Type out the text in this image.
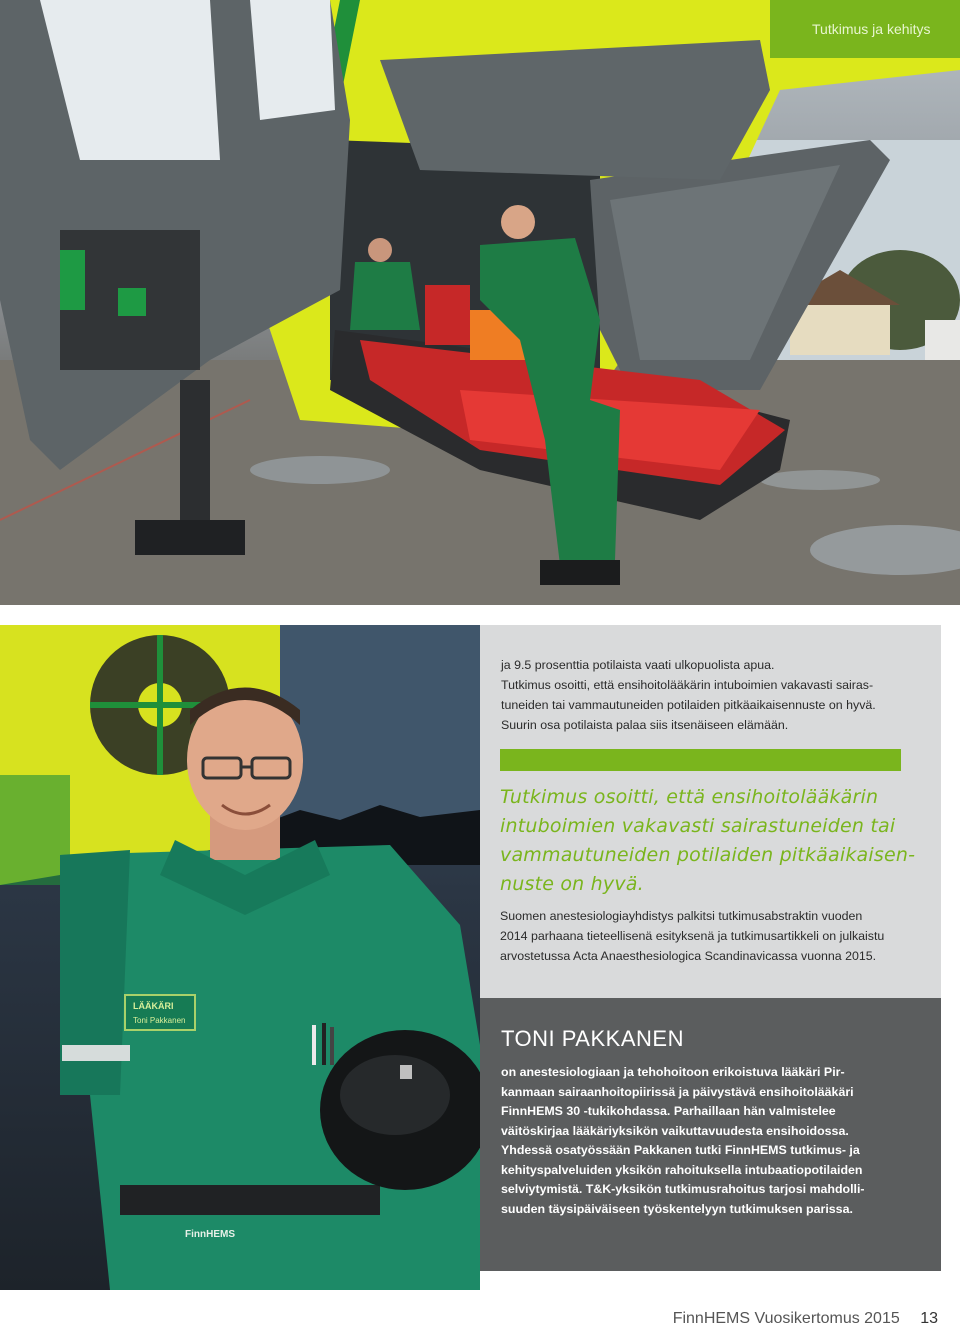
Tutkimus ja kehitys
LÄÄKÄRI
Toni Pakkanen
FinnHEMS

ja 9.5 prosenttia potilaista vaati ulkopuolista apua.

Tutkimus osoitti, että ensihoitolääkärin intuboimien vakavasti sairas-

tuneiden tai vammautuneiden potilaiden pitkäaikaisennuste on hyvä.

Suurin osa potilaista palaa siis itsenäiseen elämään.

Tutkimus osoitti, että ensihoitolääkärin

intuboimien vakavasti sairastuneiden tai

vammautuneiden potilaiden pitkäaikaisen-

nuste on hyvä.

Suomen anestesiologiayhdistys palkitsi tutkimusabstraktin vuoden

2014 parhaana tieteellisenä esityksenä ja tutkimusartikkeli on julkaistu

arvostetussa Acta Anaesthesiologica Scandinavicassa vuonna 2015.

TONI PAKKANEN

on anestesiologiaan ja tehohoitoon erikoistuva lääkäri Pir-

kanmaan sairaanhoitopiirissä ja päivystävä ensihoitolääkäri

FinnHEMS 30 -tukikohdassa. Parhaillaan hän valmistelee

väitöskirjaa lääkäriyksikön vaikuttavuudesta ensihoidossa.

Yhdessä osatyössään Pakkanen tutki FinnHEMS tutkimus- ja

kehityspalveluiden yksikön rahoituksella intubaatiopotilaiden

selviytymistä. T&K-yksikön tutkimusrahoitus tarjosi mahdolli-

suuden täysipäiväiseen työskentelyyn tutkimuksen parissa.

FinnHEMS Vuosikertomus 2015 13
